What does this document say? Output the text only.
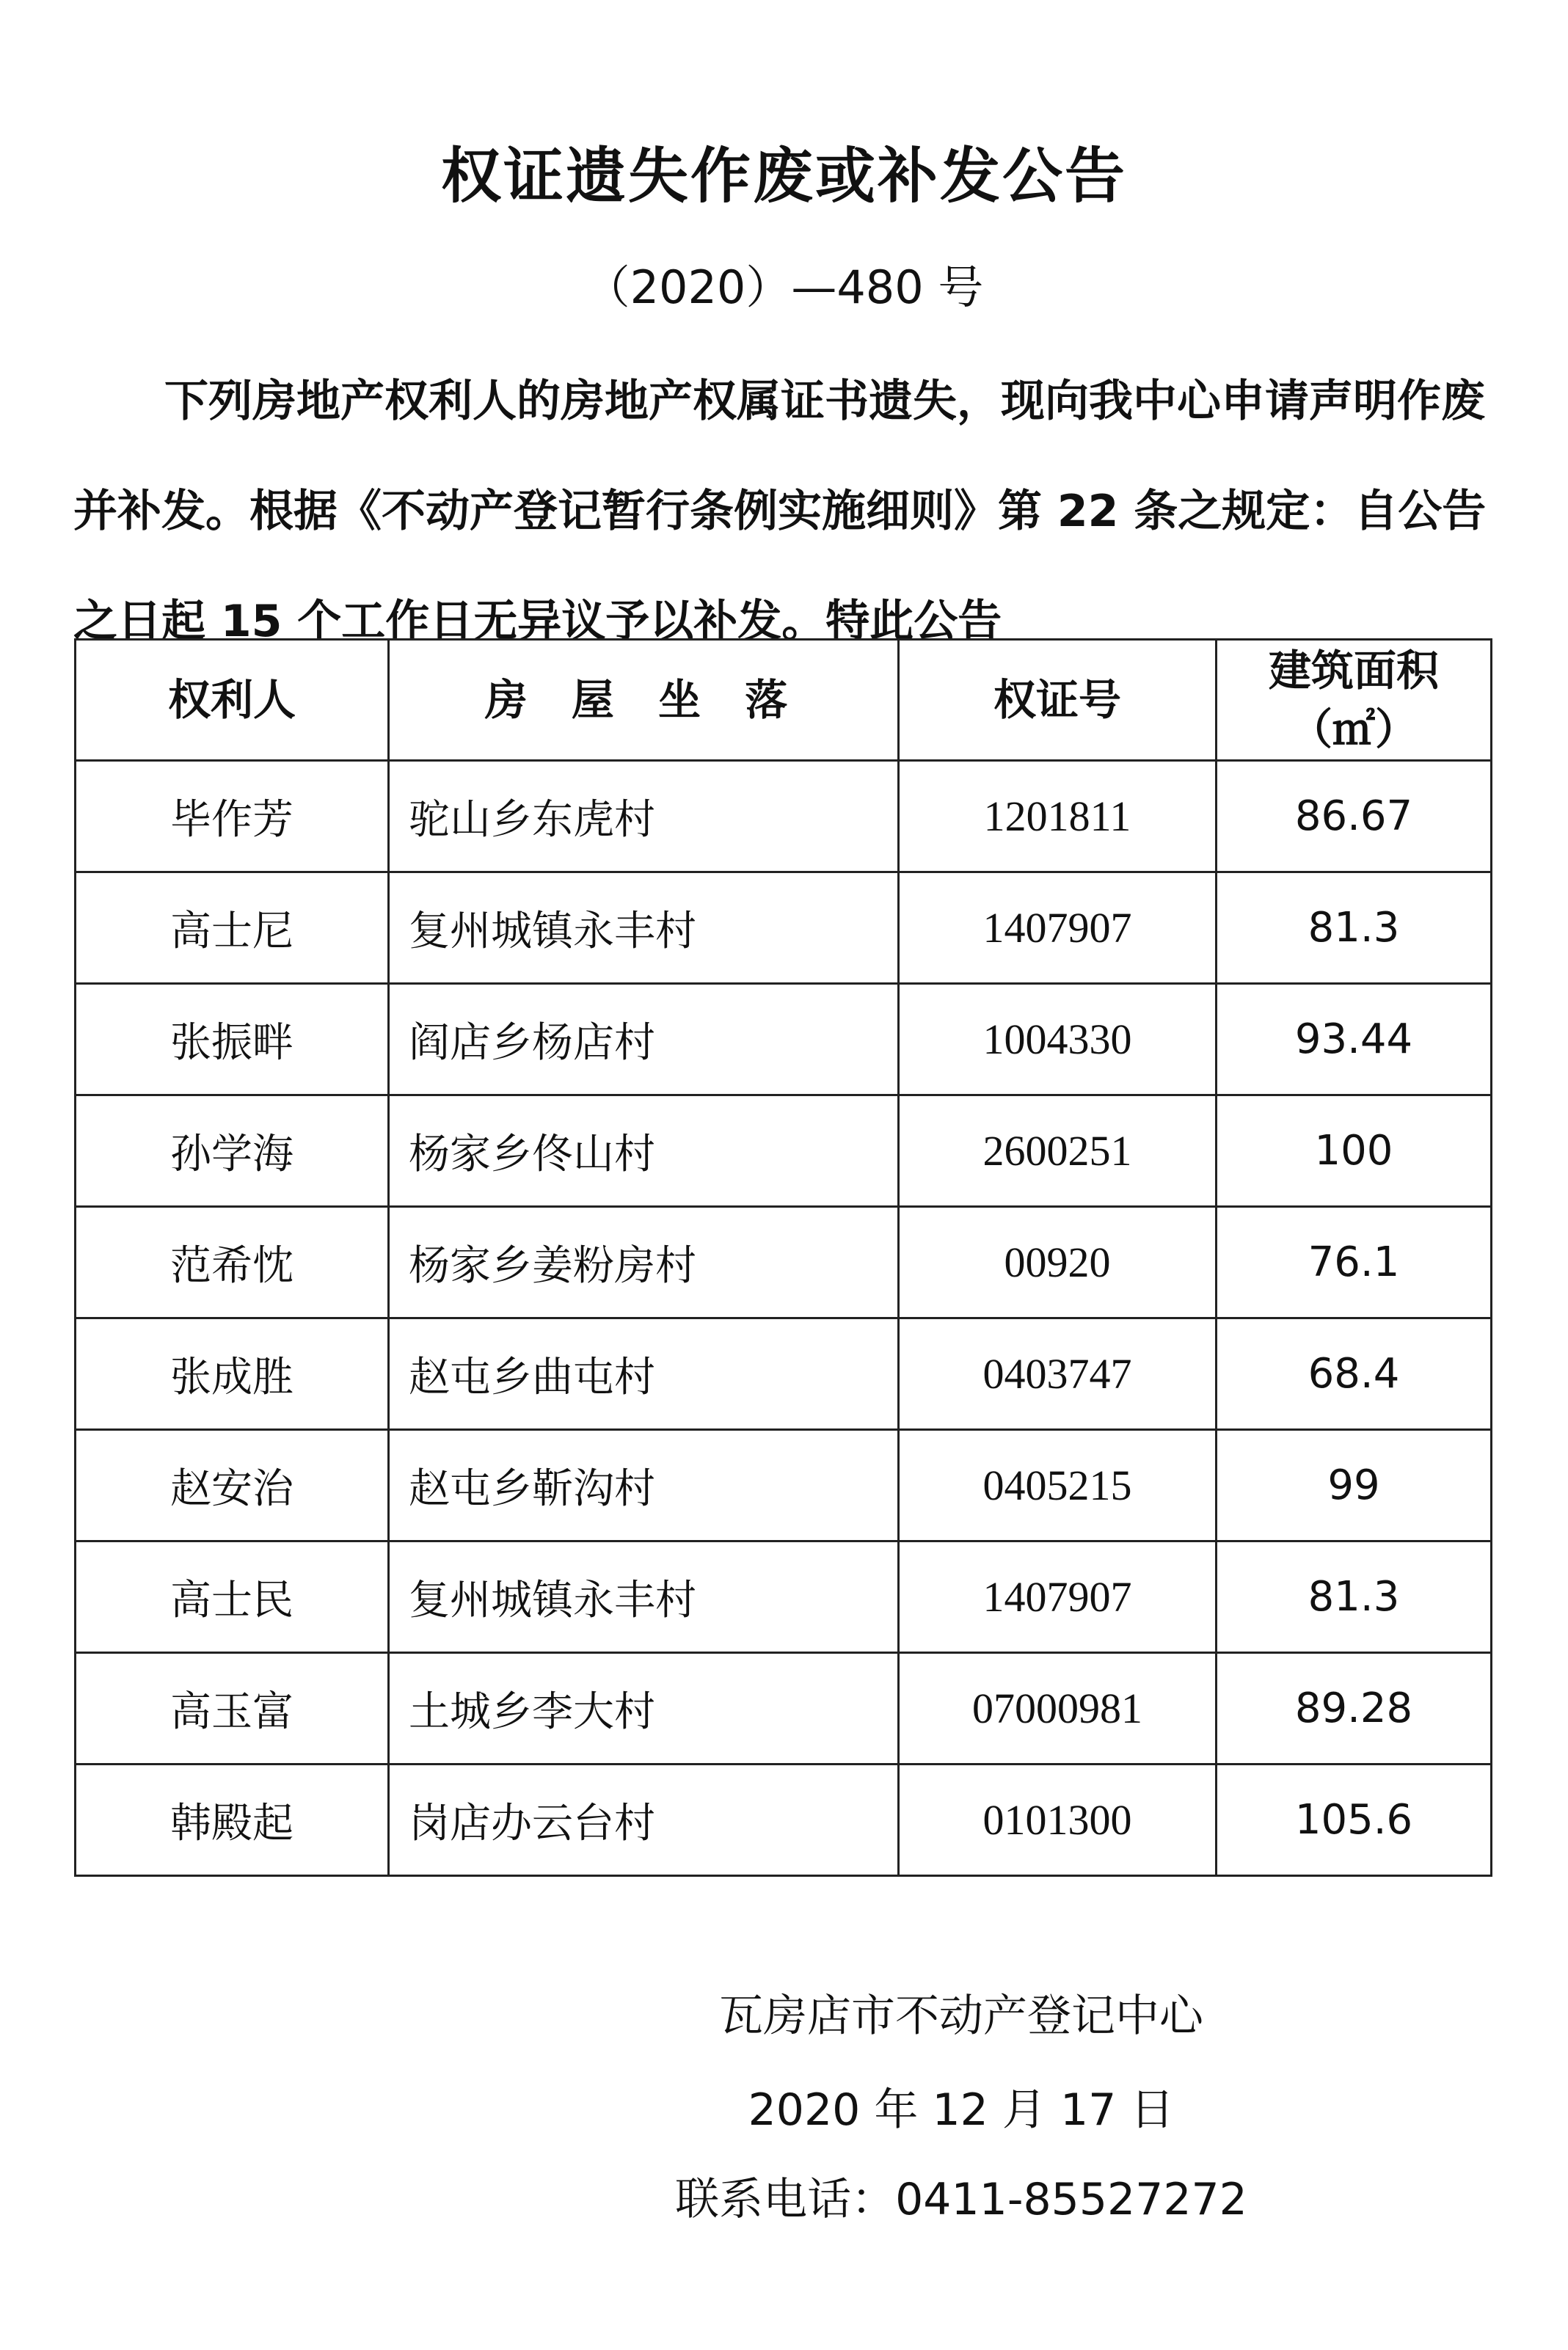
权证遗失作废或补发公告
（2020）—480 号
下列房地产权利人的房地产权属证书遗失，现向我中心申请声明作废并补发。根据《不动产登记暂行条例实施细则》第 22 条之规定：自公告之日起 15 个工作日无异议予以补发。特此公告
权利人	房 屋 坐 落	权证号	建筑面积
（㎡）

毕作芳	驼山乡东虎村	1201811	86.67
高士尼	复州城镇永丰村	1407907	81.3
张振畔	阎店乡杨店村	1004330	93.44
孙学海	杨家乡佟山村	2600251	100
范希忱	杨家乡姜粉房村	00920	76.1
张成胜	赵屯乡曲屯村	0403747	68.4
赵安治	赵屯乡靳沟村	0405215	99
高士民	复州城镇永丰村	1407907	81.3
高玉富	土城乡李大村	07000981	89.28
韩殿起	岗店办云台村	0101300	105.6
瓦房店市不动产登记中心
2020 年 12 月 17 日
联系电话：0411-85527272
